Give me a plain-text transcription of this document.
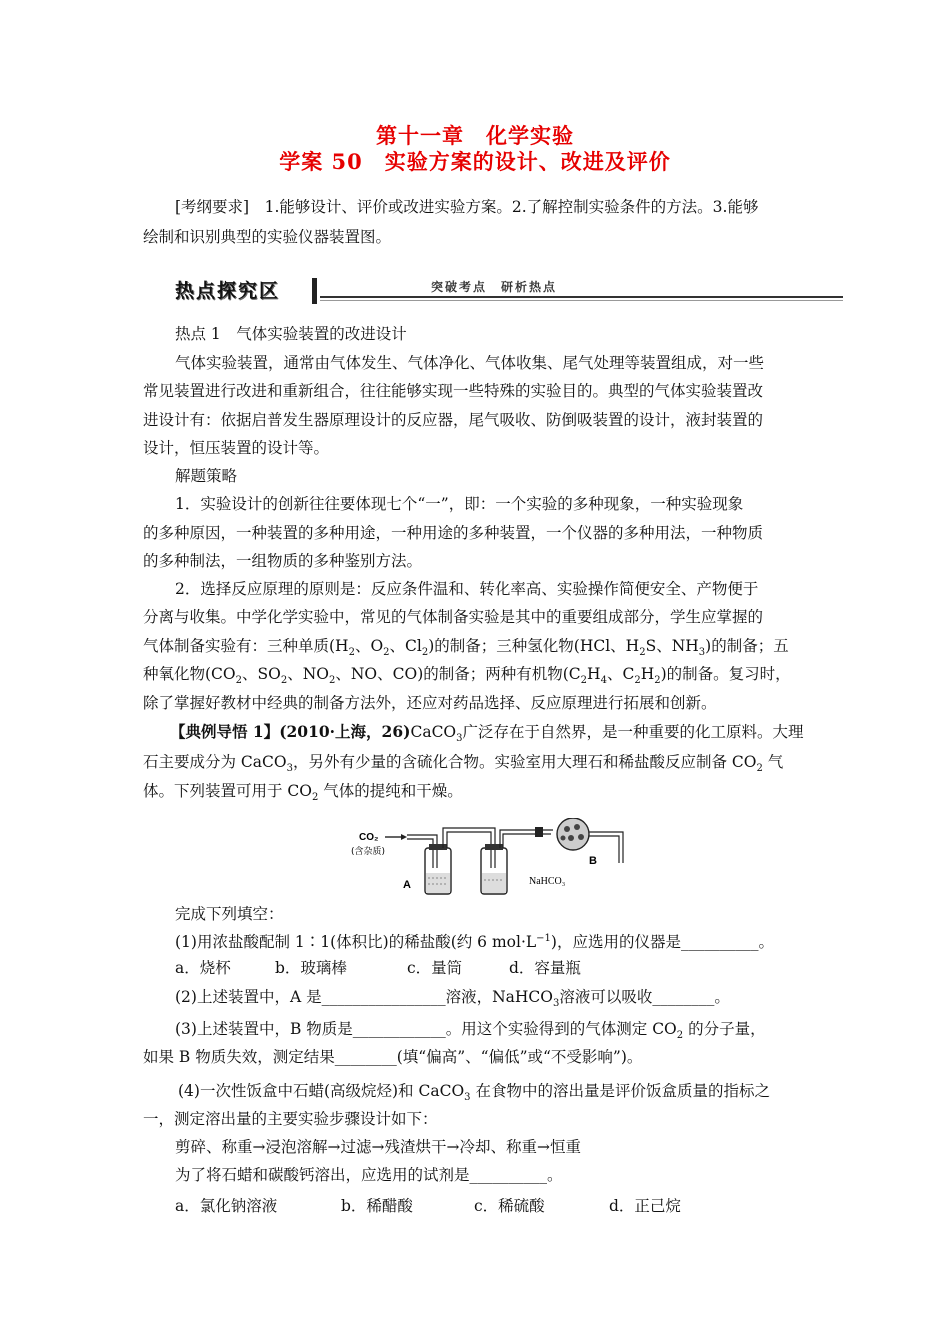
第十一章　化学实验
学案 50　实验方案的设计、改进及评价
[考纲要求]　1.能够设计、评价或改进实验方案。2.了解控制实验条件的方法。3.能够
绘制和识别典型的实验仪器装置图。
热点探究区	突破考点　研析热点
热点 1　气体实验装置的改进设计
气体实验装置，通常由气体发生、气体净化、气体收集、尾气处理等装置组成，对一些
常见装置进行改进和重新组合，往往能够实现一些特殊的实验目的。典型的气体实验装置改
进设计有：依据启普发生器原理设计的反应器，尾气吸收、防倒吸装置的设计，液封装置的
设计，恒压装置的设计等。
解题策略
1．实验设计的创新往往要体现七个“一”，即：一个实验的多种现象，一种实验现象
的多种原因，一种装置的多种用途，一种用途的多种装置，一个仪器的多种用法，一种物质
的多种制法，一组物质的多种鉴别方法。
2．选择反应原理的原则是：反应条件温和、转化率高、实验操作简便安全、产物便于
分离与收集。中学化学实验中，常见的气体制备实验是其中的重要组成部分，学生应掌握的
气体制备实验有：三种单质($H_2$、$O_2$、$Cl_2$)的制备；三种氢化物(HCl、$H_2S$、$NH_3$)的制备；五
种氧化物($CO_2$、$SO_2$、$NO_2$、NO、CO)的制备；两种有机物($C_2H_4$、$C_2H_2$)的制备。复习时，
除了掌握好教材中经典的制备方法外，还应对药品选择、反应原理进行拓展和创新。
【典例导悟 1】(2010·上海，26)CaCO$_3$广泛存在于自然界，是一种重要的化工原料。大理
石主要成分为 CaCO$_3$，另外有少量的含硫化合物。实验室用大理石和稀盐酸反应制备 $CO_2$ 气
体。下列装置可用于 $CO_2$ 气体的提纯和干燥。
CO₂
(含杂质)
A	NaHCO₃
B
完成下列填空：
(1)用浓盐酸配制 1∶1(体积比)的稀盐酸(约 6 $mol\cdot L^{-1}$)，应选用的仪器是__________。
a．烧杯	b．玻璃棒	c．量筒	d．容量瓶
(2)上述装置中，A 是________________溶液，NaHCO$_3$溶液可以吸收________。
(3)上述装置中，B 物质是____________。用这个实验得到的气体测定 $CO_2$ 的分子量，
如果 B 物质失效，测定结果________(填“偏高”、“偏低”或“不受影响”)。
(4)一次性饭盒中石蜡(高级烷烃)和 CaCO$_3$ 在食物中的溶出量是评价饭盒质量的指标之
一，测定溶出量的主要实验步骤设计如下：
剪碎、称重→浸泡溶解→过滤→残渣烘干→冷却、称重→恒重
为了将石蜡和碳酸钙溶出，应选用的试剂是__________。
a．氯化钠溶液	b．稀醋酸	c．稀硫酸	d．正己烷
